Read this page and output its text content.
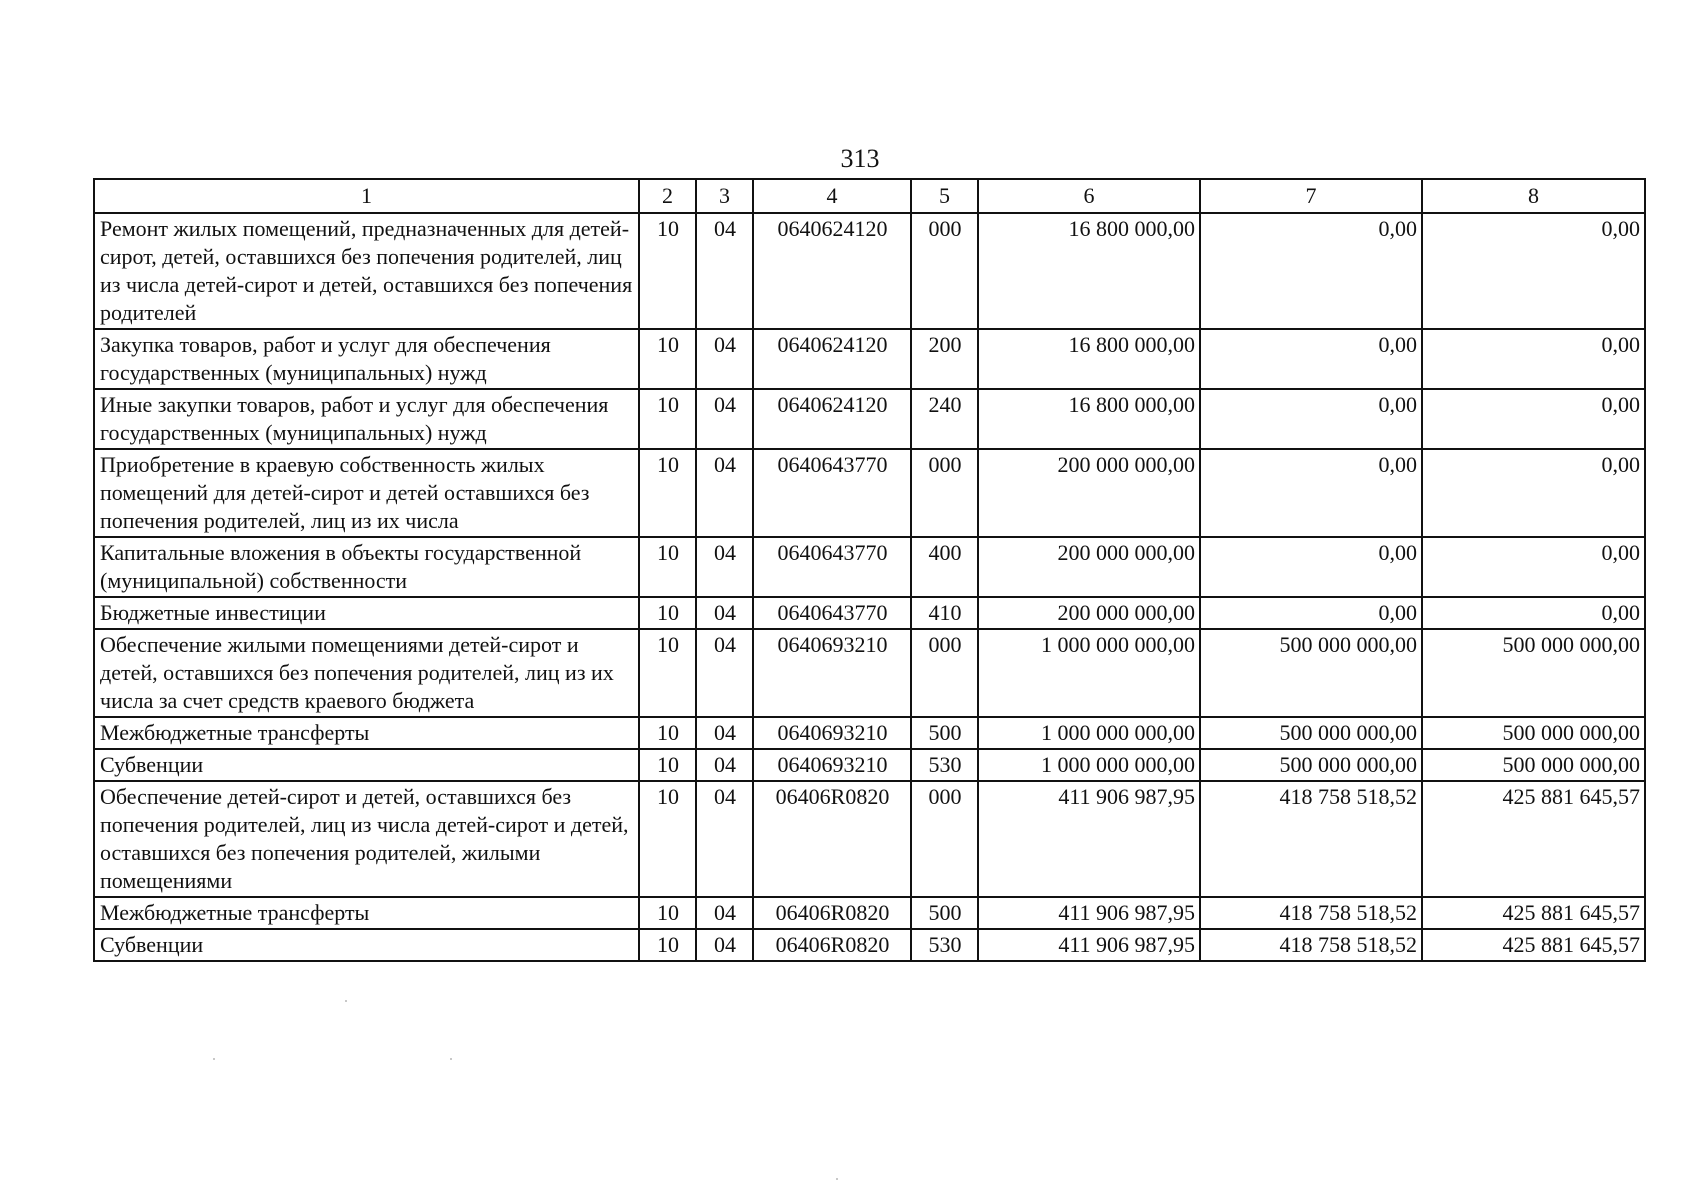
313
1	2	3	4	5	6	7	8
Ремонт жилых помещений, предназначенных для детей-сирот, детей, оставшихся без попечения родителей, лиц из числа детей-сирот и детей, оставшихся без попечения родителей	10	04	0640624120	000	16 800 000,00	0,00	0,00
Закупка товаров, работ и услуг для обеспечения государственных (муниципальных) нужд	10	04	0640624120	200	16 800 000,00	0,00	0,00
Иные закупки товаров, работ и услуг для обеспечения государственных (муниципальных) нужд	10	04	0640624120	240	16 800 000,00	0,00	0,00
Приобретение в краевую собственность жилых помещений для детей-сирот и детей оставшихся без попечения родителей, лиц из их числа	10	04	0640643770	000	200 000 000,00	0,00	0,00
Капитальные вложения в объекты государственной (муниципальной) собственности	10	04	0640643770	400	200 000 000,00	0,00	0,00
Бюджетные инвестиции	10	04	0640643770	410	200 000 000,00	0,00	0,00
Обеспечение жилыми помещениями детей-сирот и детей, оставшихся без попечения родителей, лиц из их числа за счет средств краевого бюджета	10	04	0640693210	000	1 000 000 000,00	500 000 000,00	500 000 000,00
Межбюджетные трансферты	10	04	0640693210	500	1 000 000 000,00	500 000 000,00	500 000 000,00
Субвенции	10	04	0640693210	530	1 000 000 000,00	500 000 000,00	500 000 000,00
Обеспечение детей-сирот и детей, оставшихся без попечения родителей, лиц из числа детей-сирот и детей, оставшихся без попечения родителей, жилыми помещениями	10	04	06406R0820	000	411 906 987,95	418 758 518,52	425 881 645,57
Межбюджетные трансферты	10	04	06406R0820	500	411 906 987,95	418 758 518,52	425 881 645,57
Субвенции	10	04	06406R0820	530	411 906 987,95	418 758 518,52	425 881 645,57
